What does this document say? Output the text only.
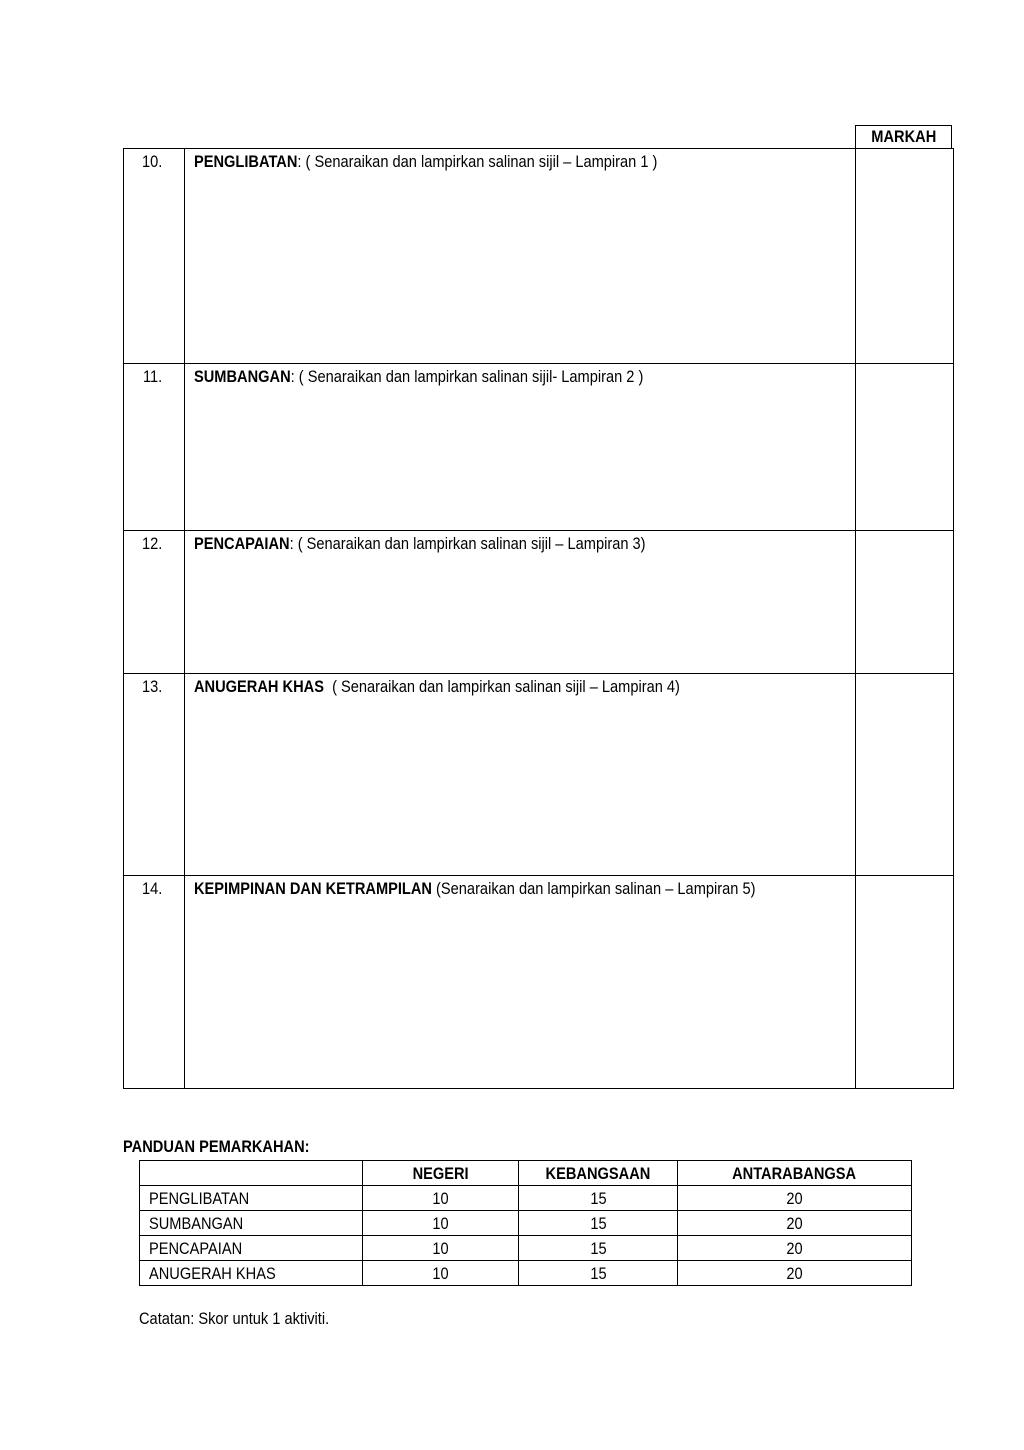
MARKAH
10.	PENGLIBATAN: ( Senaraikan dan lampirkan salinan sijil – Lampiran 1 )	
11.	SUMBANGAN: ( Senaraikan dan lampirkan salinan sijil- Lampiran 2 )	
12.	PENCAPAIAN: ( Senaraikan dan lampirkan salinan sijil – Lampiran 3)	
13.	ANUGERAH KHAS  ( Senaraikan dan lampirkan salinan sijil – Lampiran 4)	
14.	KEPIMPINAN DAN KETRAMPILAN (Senaraikan dan lampirkan salinan – Lampiran 5)	
PANDUAN PEMARKAHAN:
	NEGERI	KEBANGSAAN	ANTARABANGSA
PENGLIBATAN	10	15	20
SUMBANGAN	10	15	20
PENCAPAIAN	10	15	20
ANUGERAH KHAS	10	15	20
Catatan: Skor untuk 1 aktiviti.
